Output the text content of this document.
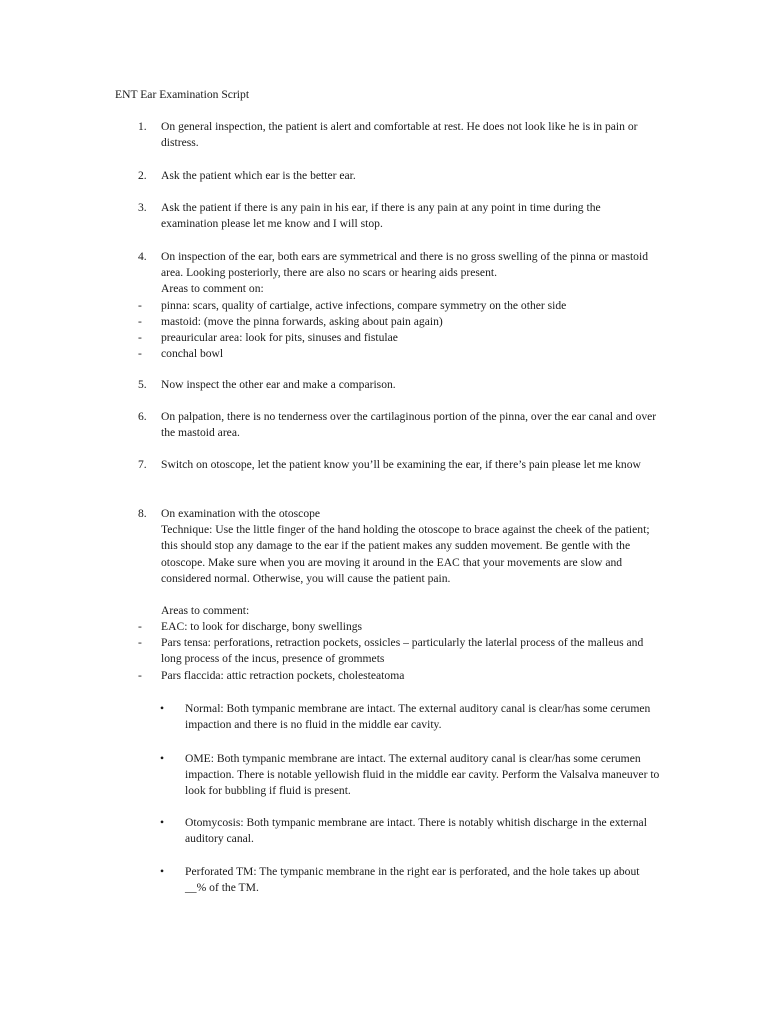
ENT Ear Examination Script
1.	On general inspection, the patient is alert and comfortable at rest. He does not look like he is in pain or distress.

2.	Ask the patient which ear is the better ear.

3.	Ask the patient if there is any pain in his ear, if there is any pain at any point in time during the examination please let me know and I will stop.

4.	On inspection of the ear, both ears are symmetrical and there is no gross swelling of the pinna or mastoid area. Looking posteriorly, there are also no scars or hearing aids present.

Areas to comment on:

- pinna: scars, quality of cartialge, active infections, compare symmetry on the other side
- mastoid: (move the pinna forwards, asking about pain again)
- preauricular area: look for pits, sinuses and fistulae
- conchal bowl
5.	Now inspect the other ear and make a comparison.

6.	On palpation, there is no tenderness over the cartilaginous portion of the pinna, over the ear canal and over the mastoid area.

7.	Switch on otoscope, let the patient know you’ll be examining the ear, if there’s pain please let me know

8.	On examination with the otoscope

Technique: Use the little finger of the hand holding the otoscope to brace against the cheek of the patient; this should stop any damage to the ear if the patient makes any sudden movement. Be gentle with the otoscope. Make sure when you are moving it around in the EAC that your movements are slow and considered normal. Otherwise, you will cause the patient pain.

Areas to comment:

- EAC: to look for discharge, bony swellings
- Pars tensa: perforations, retraction pockets, ossicles – particularly the laterlal process of the malleus and long process of the incus, presence of grommets
- Pars flaccida: attic retraction pockets, cholesteatoma
• Normal: Both tympanic membrane are intact. The external auditory canal is clear/has some cerumen impaction and there is no fluid in the middle ear cavity.
• OME: Both tympanic membrane are intact. The external auditory canal is clear/has some cerumen impaction. There is notable yellowish fluid in the middle ear cavity. Perform the Valsalva maneuver to look for bubbling if fluid is present.
• Otomycosis: Both tympanic membrane are intact. There is notably whitish discharge in the external auditory canal.
• Perforated TM: The tympanic membrane in the right ear is perforated, and the hole takes up about __% of the TM.
